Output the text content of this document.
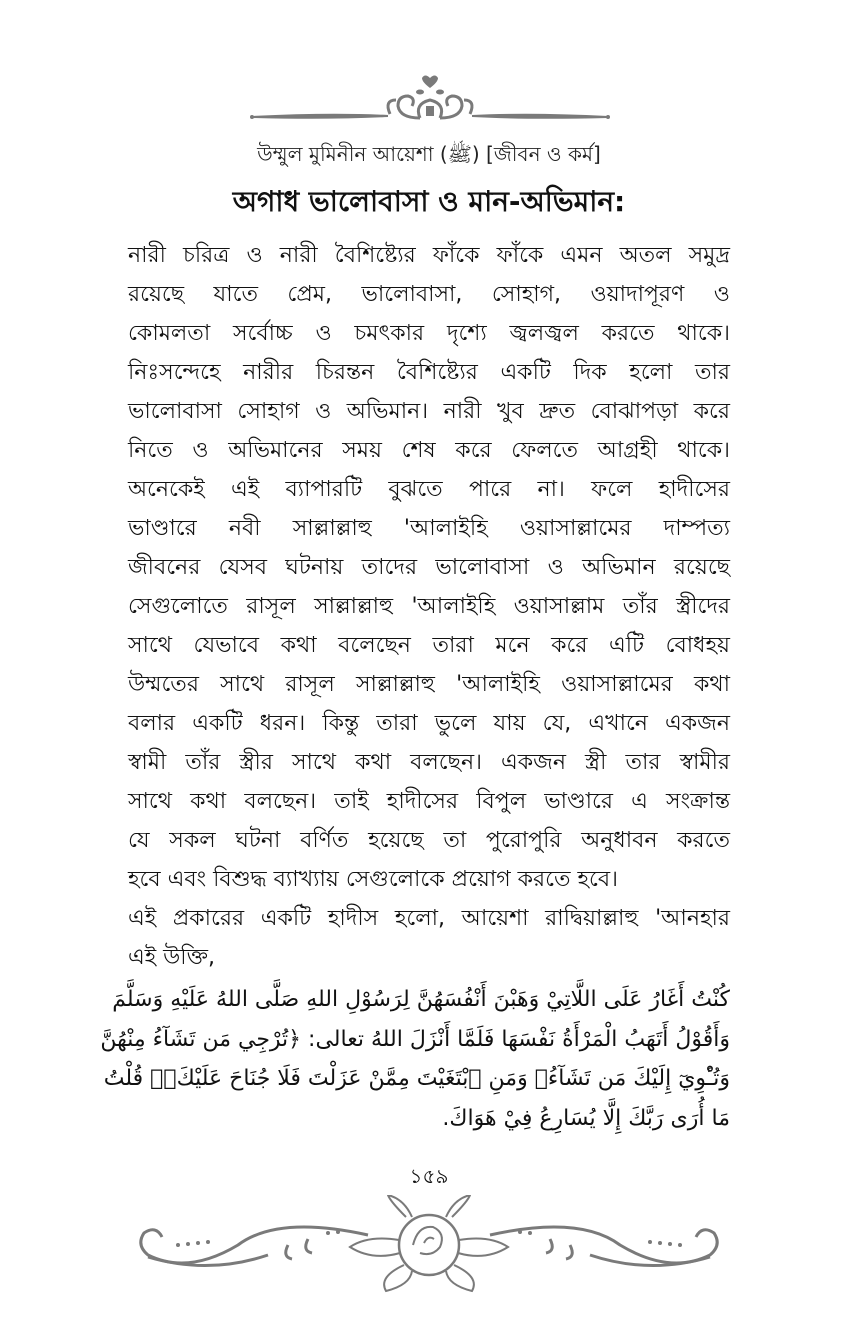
উম্মুল মুমিনীন আয়েশা (ﷺ) [জীবন ও কর্ম]
অগাধ ভালোবাসা ও মান-অভিমান:
নারী চরিত্র ও নারী বৈশিষ্ট্যের ফাঁকে ফাঁকে এমন অতল সমুদ্র
রয়েছে যাতে প্রেম, ভালোবাসা, সোহাগ, ওয়াদাপূরণ ও
কোমলতা সর্বোচ্চ ও চমৎকার দৃশ্যে জ্বলজ্বল করতে থাকে।
নিঃসন্দেহে নারীর চিরন্তন বৈশিষ্ট্যের একটি দিক হলো তার
ভালোবাসা সোহাগ ও অভিমান। নারী খুব দ্রুত বোঝাপড়া করে
নিতে ও অভিমানের সময় শেষ করে ফেলতে আগ্রহী থাকে।
অনেকেই এই ব্যাপারটি বুঝতে পারে না। ফলে হাদীসের
ভাণ্ডারে নবী সাল্লাল্লাহু 'আলাইহি ওয়াসাল্লামের দাম্পত্য
জীবনের যেসব ঘটনায় তাদের ভালোবাসা ও অভিমান রয়েছে
সেগুলোতে রাসূল সাল্লাল্লাহু 'আলাইহি ওয়াসাল্লাম তাঁর স্ত্রীদের
সাথে যেভাবে কথা বলেছেন তারা মনে করে এটি বোধহয়
উম্মতের সাথে রাসূল সাল্লাল্লাহু 'আলাইহি ওয়াসাল্লামের কথা
বলার একটি ধরন। কিন্তু তারা ভুলে যায় যে, এখানে একজন
স্বামী তাঁর স্ত্রীর সাথে কথা বলছেন। একজন স্ত্রী তার স্বামীর
সাথে কথা বলছেন। তাই হাদীসের বিপুল ভাণ্ডারে এ সংক্রান্ত
যে সকল ঘটনা বর্ণিত হয়েছে তা পুরোপুরি অনুধাবন করতে
হবে এবং বিশুদ্ধ ব্যাখ্যায় সেগুলোকে প্রয়োগ করতে হবে।
এই প্রকারের একটি হাদীস হলো, আয়েশা রাদ্বিয়াল্লাহু 'আনহার
এই উক্তি,
كُنْتُ أَغَارُ عَلَى اللَّاتِيْ وَهَبْنَ أَنْفُسَهُنَّ لِرَسُوْلِ اللهِ صَلَّى اللهُ عَلَيْهِ وَسَلَّمَ
وَأَقُوْلُ أَتَهَبُ الْمَرْأَةُ نَفْسَهَا فَلَمَّا أَنْزَلَ اللهُ تعالى: ﴿تُرْجِي مَن تَشَآءُ مِنْهُنَّ
وَتُـْٔوِيٓ إِلَيْكَ مَن تَشَآءُۖ وَمَنِ ٱبْتَغَيْتَ مِمَّنْ عَزَلْتَ فَلَا جُنَاحَ عَلَيْكَۚ﴾ قُلْتُ
مَا أُرَى رَبَّكَ إِلَّا يُسَارِعُ فِيْ هَوَاكَ.
১৫৯
